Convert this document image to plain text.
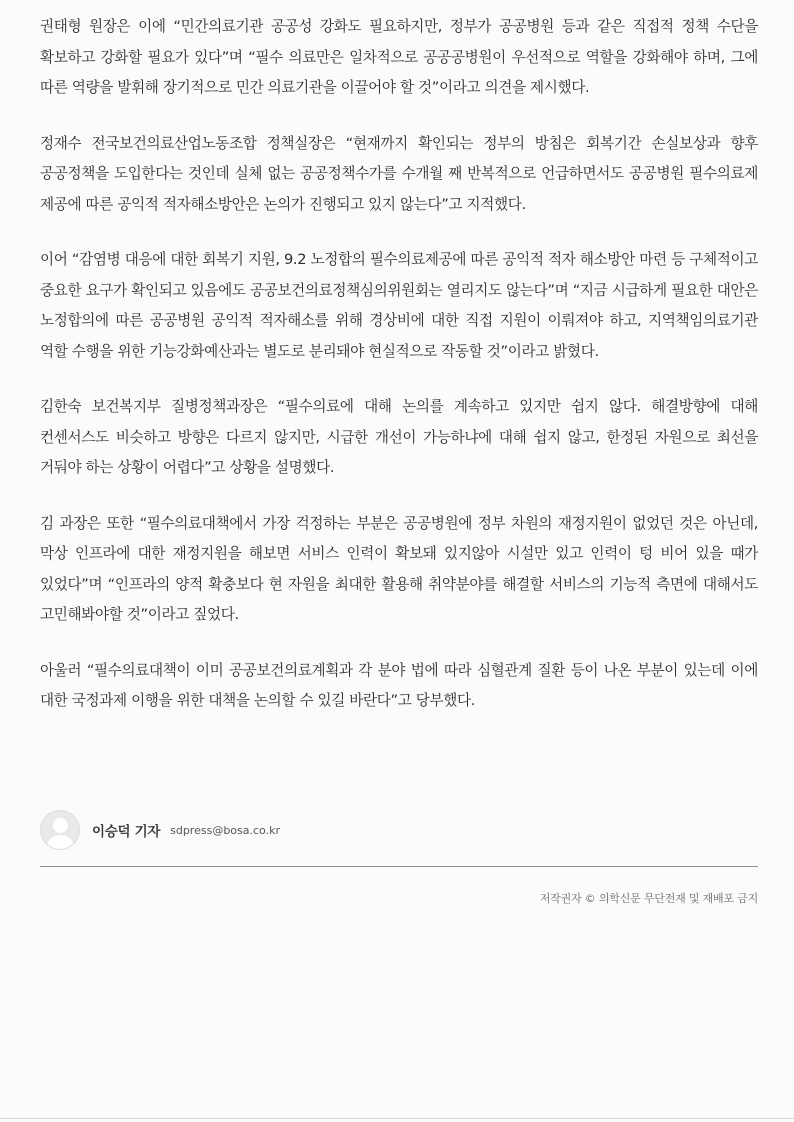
권태형 원장은 이에 “민간의료기관 공공성 강화도 필요하지만, 정부가 공공병원 등과 같은 직접적 정책 수단을 확보하고 강화할 필요가 있다”며 “필수 의료만은 일차적으로 공공공병원이 우선적으로 역할을 강화해야 하며, 그에 따른 역량을 발휘해 장기적으로 민간 의료기관을 이끌어야 할 것”이라고 의견을 제시했다.

정재수 전국보건의료산업노동조합 정책실장은 “현재까지 확인되는 정부의 방침은 회복기간 손실보상과 향후 공공정책을 도입한다는 것인데 실체 없는 공공정책수가를 수개월 째 반복적으로 언급하면서도 공공병원 필수의료제 제공에 따른 공익적 적자해소방안은 논의가 진행되고 있지 않는다”고 지적했다.

이어 “감염병 대응에 대한 회복기 지원, 9.2 노정합의 필수의료제공에 따른 공익적 적자 해소방안 마련 등 구체적이고 중요한 요구가 확인되고 있음에도 공공보건의료정책심의위원회는 열리지도 않는다”며 “지금 시급하게 필요한 대안은 노정합의에 따른 공공병원 공익적 적자해소를 위해 경상비에 대한 직접 지원이 이뤄져야 하고, 지역책임의료기관 역할 수행을 위한 기능강화예산과는 별도로 분리돼야 현실적으로 작동할 것”이라고 밝혔다.

김한숙 보건복지부 질병정책과장은 “필수의료에 대해 논의를 계속하고 있지만 쉽지 않다. 해결방향에 대해 컨센서스도 비슷하고 방향은 다르지 않지만, 시급한 개선이 가능하냐에 대해 쉽지 않고, 한정된 자원으로 최선을 거둬야 하는 상황이 어렵다”고 상황을 설명했다.

김 과장은 또한 “필수의료대책에서 가장 걱정하는 부분은 공공병원에 정부 차원의 재정지원이 없었던 것은 아닌데, 막상 인프라에 대한 재정지원을 해보면 서비스 인력이 확보돼 있지않아 시설만 있고 인력이 텅 비어 있을 때가 있었다”며 “인프라의 양적 확충보다 현 자원을 최대한 활용해 취약분야를 해결할 서비스의 기능적 측면에 대해서도 고민해봐야할 것”이라고 짚었다.

아울러 “필수의료대책이 이미 공공보건의료계획과 각 분야 법에 따라 심혈관계 질환 등이 나온 부분이 있는데 이에 대한 국정과제 이행을 위한 대책을 논의할 수 있길 바란다”고 당부했다.

이승덕 기자 sdpress@bosa.co.kr
저작권자 © 의학신문 무단전재 및 재배포 금지
